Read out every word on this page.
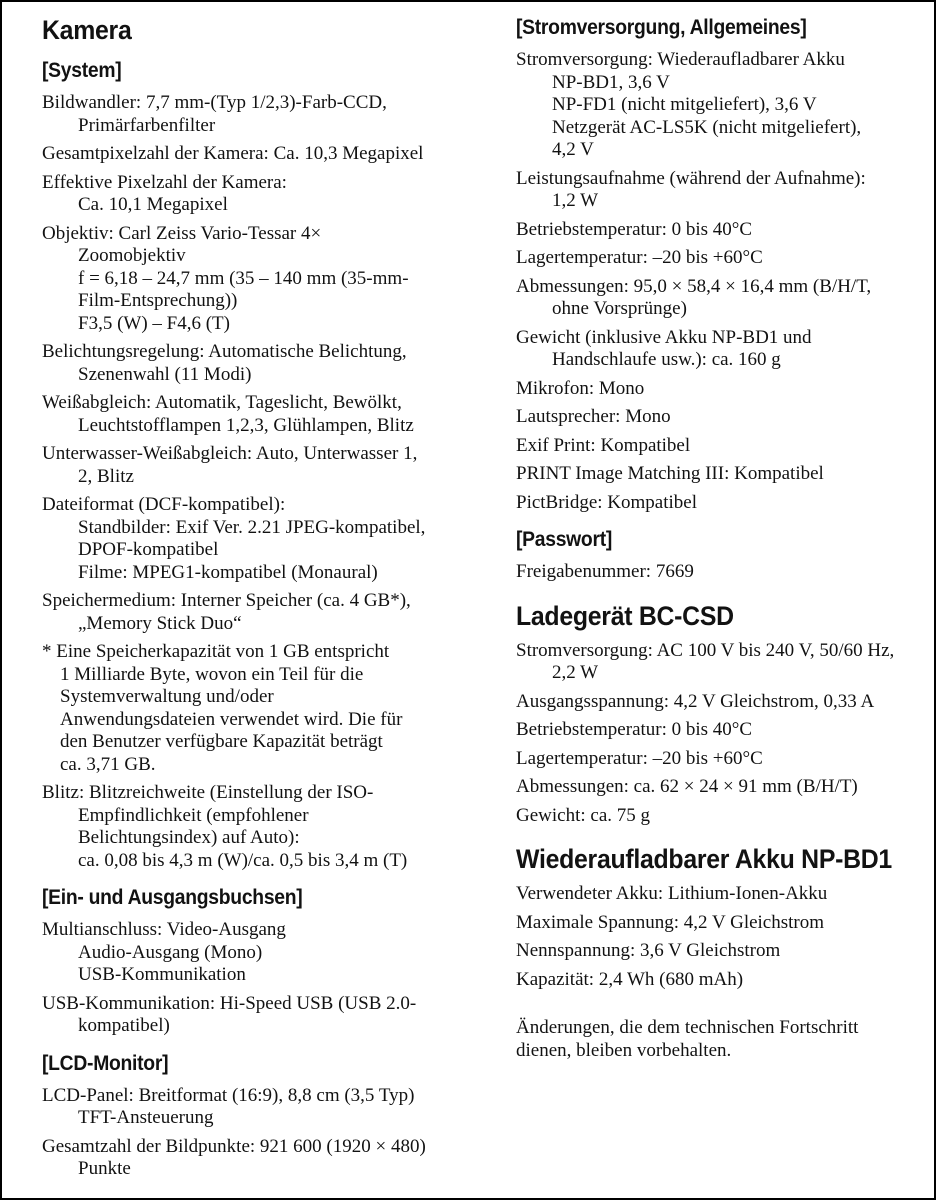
Kamera
[System]
Bildwandler: 7,7 mm-(Typ 1/2,3)-Farb-CCD,
Primärfarbenfilter
Gesamtpixelzahl der Kamera: Ca. 10,3 Megapixel
Effektive Pixelzahl der Kamera:
Ca. 10,1 Megapixel
Objektiv: Carl Zeiss Vario-Tessar 4×
Zoomobjektiv
f = 6,18 – 24,7 mm (35 – 140 mm (35-mm-
Film-Entsprechung))
F3,5 (W) – F4,6 (T)
Belichtungsregelung: Automatische Belichtung,
Szenenwahl (11 Modi)
Weißabgleich: Automatik, Tageslicht, Bewölkt,
Leuchtstofflampen 1,2,3, Glühlampen, Blitz
Unterwasser-Weißabgleich: Auto, Unterwasser 1,
2, Blitz
Dateiformat (DCF-kompatibel):
Standbilder: Exif Ver. 2.21 JPEG-kompatibel,
DPOF-kompatibel
Filme: MPEG1-kompatibel (Monaural)
Speichermedium: Interner Speicher (ca. 4 GB*),
„Memory Stick Duo“
* Eine Speicherkapazität von 1 GB entspricht
1 Milliarde Byte, wovon ein Teil für die
Systemverwaltung und/oder
Anwendungsdateien verwendet wird. Die für
den Benutzer verfügbare Kapazität beträgt
ca. 3,71 GB.
Blitz: Blitzreichweite (Einstellung der ISO-
Empfindlichkeit (empfohlener
Belichtungsindex) auf Auto):
ca. 0,08 bis 4,3 m (W)/ca. 0,5 bis 3,4 m (T)
[Ein- und Ausgangsbuchsen]
Multianschluss: Video-Ausgang
Audio-Ausgang (Mono)
USB-Kommunikation
USB-Kommunikation: Hi-Speed USB (USB 2.0-
kompatibel)
[LCD-Monitor]
LCD-Panel: Breitformat (16:9), 8,8 cm (3,5 Typ)
TFT-Ansteuerung
Gesamtzahl der Bildpunkte: 921 600 (1920 × 480)
Punkte
[Stromversorgung, Allgemeines]
Stromversorgung: Wiederaufladbarer Akku
NP-BD1, 3,6 V
NP-FD1 (nicht mitgeliefert), 3,6 V
Netzgerät AC-LS5K (nicht mitgeliefert),
4,2 V
Leistungsaufnahme (während der Aufnahme):
1,2 W
Betriebstemperatur: 0 bis 40°C
Lagertemperatur: –20 bis +60°C
Abmessungen: 95,0 × 58,4 × 16,4 mm (B/H/T,
ohne Vorsprünge)
Gewicht (inklusive Akku NP-BD1 und
Handschlaufe usw.): ca. 160 g
Mikrofon: Mono
Lautsprecher: Mono
Exif Print: Kompatibel
PRINT Image Matching III: Kompatibel
PictBridge: Kompatibel
[Passwort]
Freigabenummer: 7669
Ladegerät BC-CSD
Stromversorgung: AC 100 V bis 240 V, 50/60 Hz,
2,2 W
Ausgangsspannung: 4,2 V Gleichstrom, 0,33 A
Betriebstemperatur: 0 bis 40°C
Lagertemperatur: –20 bis +60°C
Abmessungen: ca. 62 × 24 × 91 mm (B/H/T)
Gewicht: ca. 75 g
Wiederaufladbarer Akku NP-BD1
Verwendeter Akku: Lithium-Ionen-Akku
Maximale Spannung: 4,2 V Gleichstrom
Nennspannung: 3,6 V Gleichstrom
Kapazität: 2,4 Wh (680 mAh)
Änderungen, die dem technischen Fortschritt
dienen, bleiben vorbehalten.
